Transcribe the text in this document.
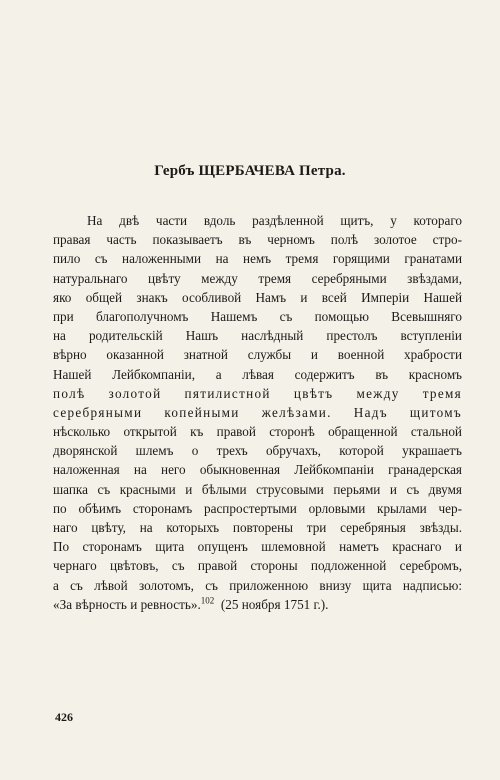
Гербъ ЩЕРБАЧЕВА Петра.
На двѣ части вдоль раздѣленной щитъ, у котораго
правая часть показываетъ въ черномъ полѣ золотое стро-
пило съ наложенными на немъ тремя горящими гранатами
натуральнаго цвѣту между тремя серебряными звѣздами,
яко общей знакъ особливой Намъ и всей Имперіи Нашей
при благополучномъ Нашемъ съ помощью Всевышняго
на родительскій Нашъ наслѣдный престолъ вступленіи
вѣрно оказанной знатной службы и военной храбрости
Нашей Лейбкомпаніи, а лѣвая содержитъ въ красномъ
полѣ золотой пятилистной цвѣтъ между тремя
серебряными копейными желѣзами. Надъ щитомъ
нѣсколько открытой къ правой сторонѣ обращенной стальной
дворянской шлемъ о трехъ обручахъ, которой украшаетъ
наложенная на него обыкновенная Лейбкомпаніи гранадерская
шапка съ красными и бѣлыми струсовыми перьями и съ двумя
по обѣимъ сторонамъ распростертыми орловыми крылами чер-
наго цвѣту, на которыхъ повторены три серебряныя звѣзды.
По сторонамъ щита опущенъ шлемовной наметъ краснаго и
чернаго цвѣтовъ, съ правой стороны подложенной серебромъ,
а съ лѣвой золотомъ, съ приложенною внизу щита надписью:
«За вѣрность и ревность».$^{102}$ (25 ноября 1751 г.).
426
